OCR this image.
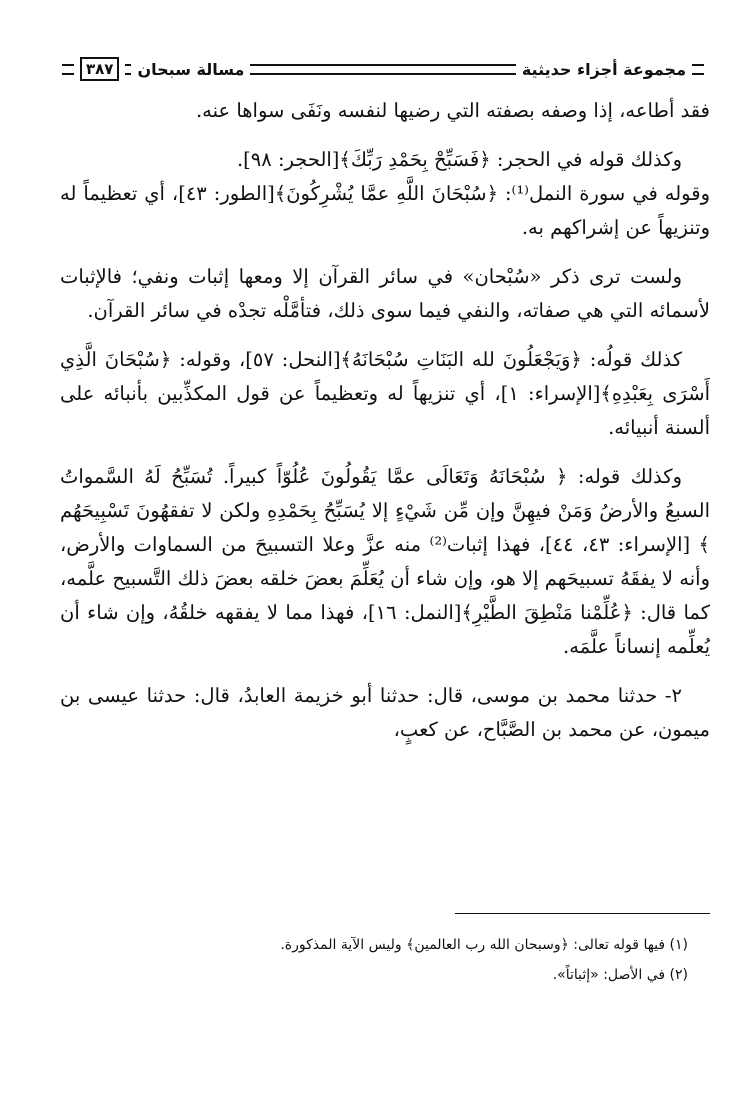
مجموعة أجزاء حديثية
مسالة سبحان
٣٨٧

فقد أطاعه، إذا وصفه بصفته التي رضيها لنفسه ونَفَى سواها عنه.

وكذلك قوله في الحجر: ﴿فَسَبِّحْ بِحَمْدِ رَبِّكَ﴾[الحجر: ٩٨].

وقوله في سورة النمل⁽¹⁾: ﴿سُبْحَانَ اللَّهِ عمَّا يُشْرِكُونَ﴾[الطور: ٤٣]، أي تعظيماً له وتنزيهاً عن إشراكهم به.

ولست ترى ذكر «سُبْحان» في سائر القرآن إلا ومعها إثبات ونفي؛ فالإثبات لأسمائه التي هي صفاته، والنفي فيما سوى ذلك، فتأمَّلْه تجدْه في سائر القرآن.

كذلك قولُه: ﴿وَيَجْعَلُونَ لله البَنَاتِ سُبْحَانَهُ﴾[النحل: ٥٧]، وقوله: ﴿سُبْحَانَ الَّذِي أَسْرَى بِعَبْدِهِ﴾[الإسراء: ١]، أي تنزيهاً له وتعظيماً عن قول المكذِّبين بأنبائه على ألسنة أنبيائه.

وكذلك قوله: ﴿ سُبْحَانَهُ وَتَعَالَى عمَّا يَقُولُونَ عُلُوّاً كبيراً. تُسَبِّحُ لَهُ السَّمواتُ السبعُ والأرضُ وَمَنْ فيهِنَّ وإن مِّن شَيْءٍ إلا يُسَبِّحُ بِحَمْدِهِ ولكن لا تفقهُونَ تَسْبِيحَهُم ﴾ [الإسراء: ٤٣، ٤٤]، فهذا إثبات⁽²⁾ منه عزَّ وعلا التسبيحَ من السماوات والأرض، وأنه لا يفقَهُ تسبيحَهم إلا هو، وإن شاء أن يُعَلِّمَ بعضَ خلقه بعضَ ذلك التَّسبيح علَّمه، كما قال: ﴿عُلِّمْنا مَنْطِقَ الطَّيْرِ﴾[النمل: ١٦]، فهذا مما لا يفقهه خلقُهُ، وإن شاء أن يُعلِّمه إنساناً علَّمَه.

٢- حدثنا محمد بن موسى، قال: حدثنا أبو خزيمة العابدُ، قال: حدثنا عيسى بن ميمون، عن محمد بن الصَّبَّاح، عن كعبٍ،

(١) فيها قوله تعالى: ﴿وسبحان الله رب العالمين﴾ وليس الآية المذكورة.
(٢) في الأصل: «إثباتاً».
